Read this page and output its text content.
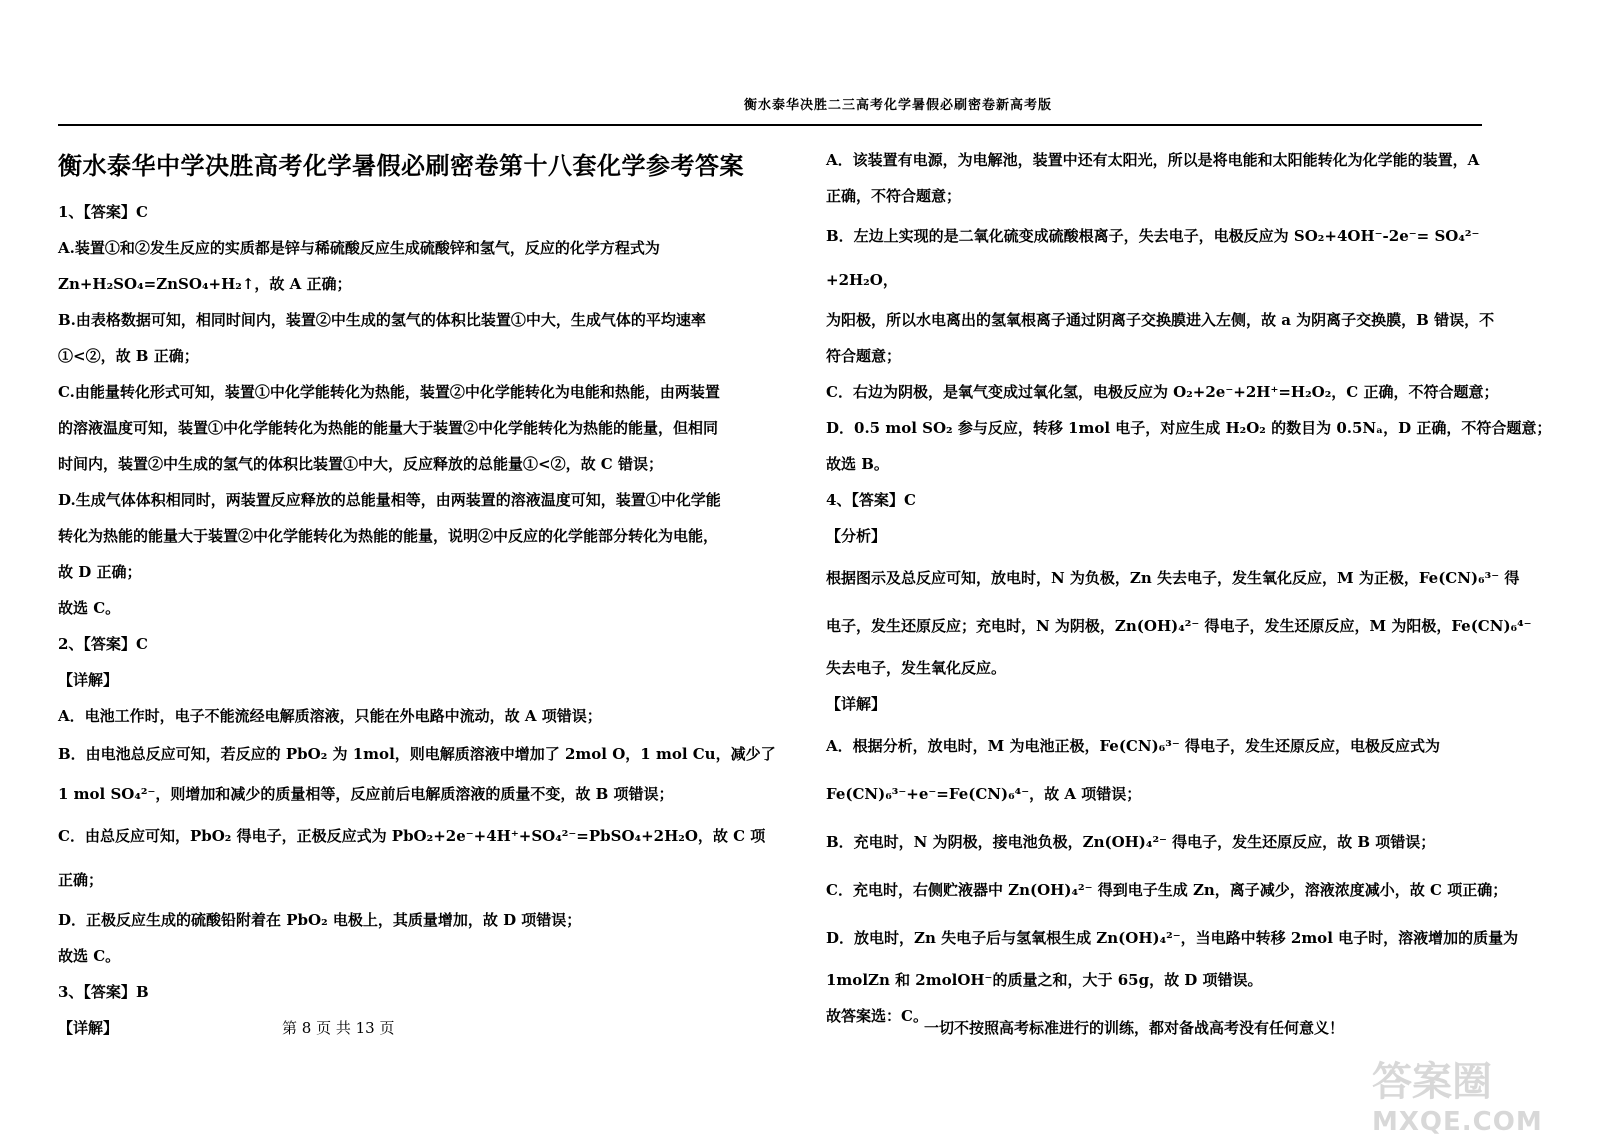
衡水泰华决胜二三高考化学暑假必刷密卷新高考版
衡水泰华中学决胜高考化学暑假必刷密卷第十八套化学参考答案

1、【答案】C

A.装置①和②发生反应的实质都是锌与稀硫酸反应生成硫酸锌和氢气，反应的化学方程式为

Zn+H₂SO₄=ZnSO₄+H₂↑，故 A 正确；

B.由表格数据可知，相同时间内，装置②中生成的氢气的体积比装置①中大，生成气体的平均速率

①<②，故 B 正确；

C.由能量转化形式可知，装置①中化学能转化为热能，装置②中化学能转化为电能和热能，由两装置

的溶液温度可知，装置①中化学能转化为热能的能量大于装置②中化学能转化为热能的能量，但相同

时间内，装置②中生成的氢气的体积比装置①中大，反应释放的总能量①<②，故 C 错误；

D.生成气体体积相同时，两装置反应释放的总能量相等，由两装置的溶液温度可知，装置①中化学能

转化为热能的能量大于装置②中化学能转化为热能的能量，说明②中反应的化学能部分转化为电能，

故 D 正确；

故选 C。

2、【答案】C

【详解】

A．电池工作时，电子不能流经电解质溶液，只能在外电路中流动，故 A 项错误；

B．由电池总反应可知，若反应的 PbO₂ 为 1mol，则电解质溶液中增加了 2mol O，1 mol Cu，减少了

1 mol SO₄²⁻，则增加和减少的质量相等，反应前后电解质溶液的质量不变，故 B 项错误；

C．由总反应可知，PbO₂ 得电子，正极反应式为 PbO₂+2e⁻+4H⁺+SO₄²⁻=PbSO₄+2H₂O，故 C 项正确；

D．正极反应生成的硫酸铅附着在 PbO₂ 电极上，其质量增加，故 D 项错误；

故选 C。

3、【答案】B

【详解】

A．该装置有电源，为电解池，装置中还有太阳光，所以是将电能和太阳能转化为化学能的装置，A

正确，不符合题意；

B．左边上实现的是二氧化硫变成硫酸根离子，失去电子，电极反应为 SO₂+4OH⁻-2e⁻= SO₄²⁻ +2H₂O，

为阳极，所以水电离出的氢氧根离子通过阴离子交换膜进入左侧，故 a 为阴离子交换膜，B 错误，不

符合题意；

C．右边为阴极，是氧气变成过氧化氢，电极反应为 O₂+2e⁻+2H⁺=H₂O₂，C 正确，不符合题意；

D．0.5 mol SO₂ 参与反应，转移 1mol 电子，对应生成 H₂O₂ 的数目为 0.5Nₐ，D 正确，不符合题意；

故选 B。

4、【答案】C

【分析】

根据图示及总反应可知，放电时，N 为负极，Zn 失去电子，发生氧化反应，M 为正极，Fe(CN)₆³⁻ 得

电子，发生还原反应；充电时，N 为阴极，Zn(OH)₄²⁻ 得电子，发生还原反应，M 为阳极，Fe(CN)₆⁴⁻

失去电子，发生氧化反应。

【详解】

A．根据分析，放电时，M 为电池正极，Fe(CN)₆³⁻ 得电子，发生还原反应，电极反应式为

Fe(CN)₆³⁻+e⁻=Fe(CN)₆⁴⁻，故 A 项错误；

B．充电时，N 为阴极，接电池负极，Zn(OH)₄²⁻ 得电子，发生还原反应，故 B 项错误；

C．充电时，右侧贮液器中 Zn(OH)₄²⁻ 得到电子生成 Zn，离子减少，溶液浓度减小，故 C 项正确；

D．放电时，Zn 失电子后与氢氧根生成 Zn(OH)₄²⁻，当电路中转移 2mol 电子时，溶液增加的质量为

1molZn 和 2molOH⁻的质量之和，大于 65g，故 D 项错误。

故答案选：C。

第 8 页 共 13 页	一切不按照高考标准进行的训练，都对备战高考没有任何意义！
答案圈
MXQE.COM
